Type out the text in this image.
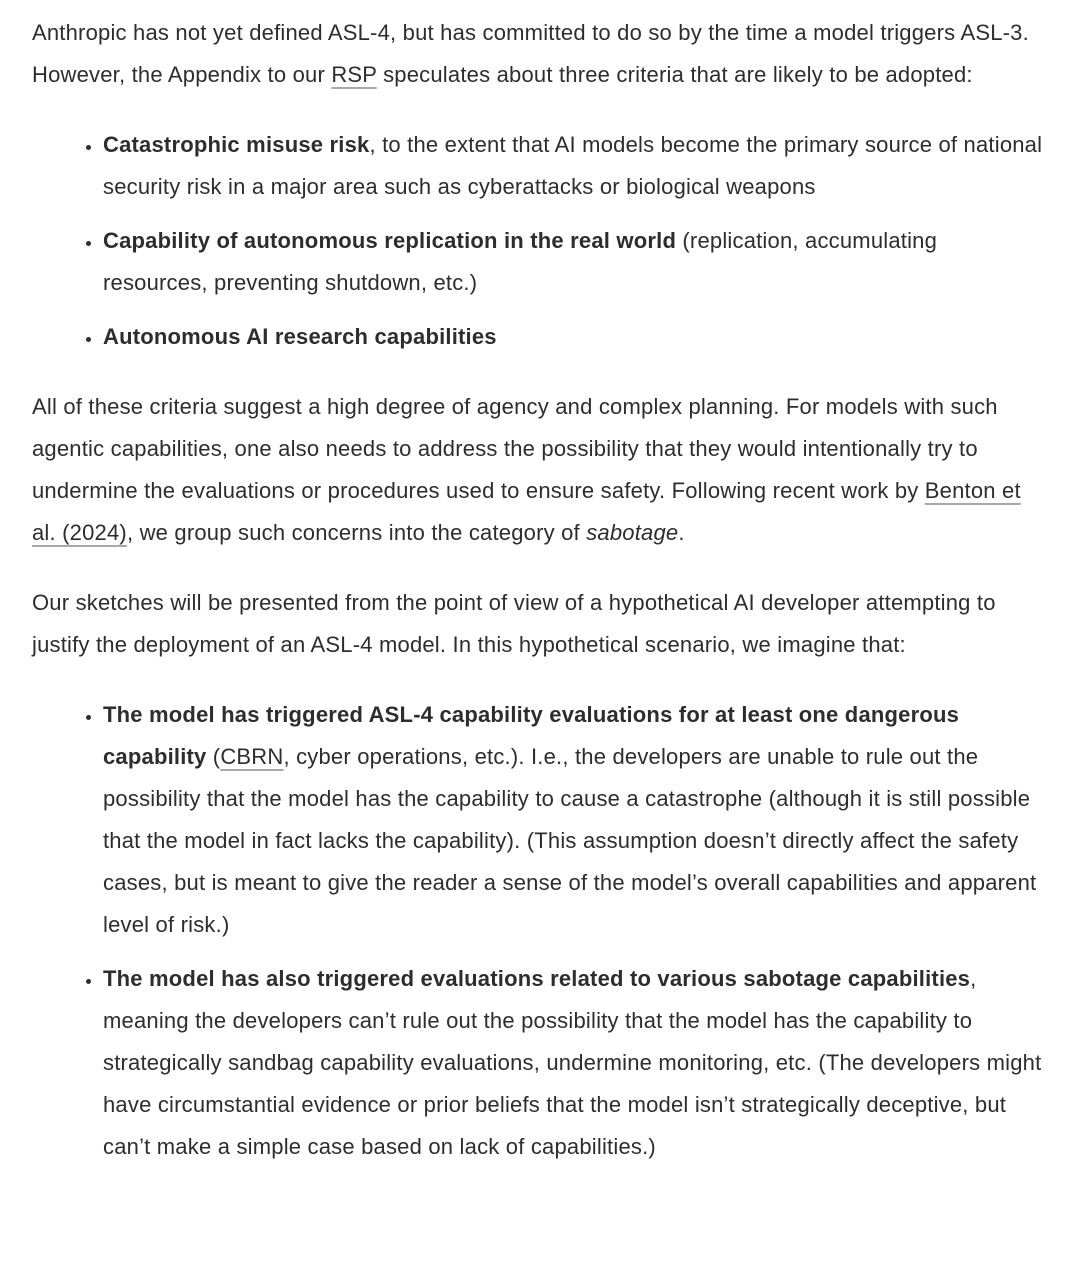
Anthropic has not yet defined ASL-4, but has committed to do so by the time a model triggers ASL-3. However, the Appendix to our RSP speculates about three criteria that are likely to be adopted:

• Catastrophic misuse risk, to the extent that AI models become the primary source of national security risk in a major area such as cyberattacks or biological weapons
• Capability of autonomous replication in the real world (replication, accumulating resources, preventing shutdown, etc.)
• Autonomous AI research capabilities

All of these criteria suggest a high degree of agency and complex planning. For models with such agentic capabilities, one also needs to address the possibility that they would intentionally try to undermine the evaluations or procedures used to ensure safety. Following recent work by Benton et al. (2024), we group such concerns into the category of sabotage.

Our sketches will be presented from the point of view of a hypothetical AI developer attempting to justify the deployment of an ASL-4 model. In this hypothetical scenario, we imagine that:

• The model has triggered ASL-4 capability evaluations for at least one dangerous capability (CBRN, cyber operations, etc.). I.e., the developers are unable to rule out the possibility that the model has the capability to cause a catastrophe (although it is still possible that the model in fact lacks the capability). (This assumption doesn’t directly affect the safety cases, but is meant to give the reader a sense of the model’s overall capabilities and apparent level of risk.)
• The model has also triggered evaluations related to various sabotage capabilities, meaning the developers can’t rule out the possibility that the model has the capability to strategically sandbag capability evaluations, undermine monitoring, etc. (The developers might have circumstantial evidence or prior beliefs that the model isn’t strategically deceptive, but can’t make a simple case based on lack of capabilities.)
